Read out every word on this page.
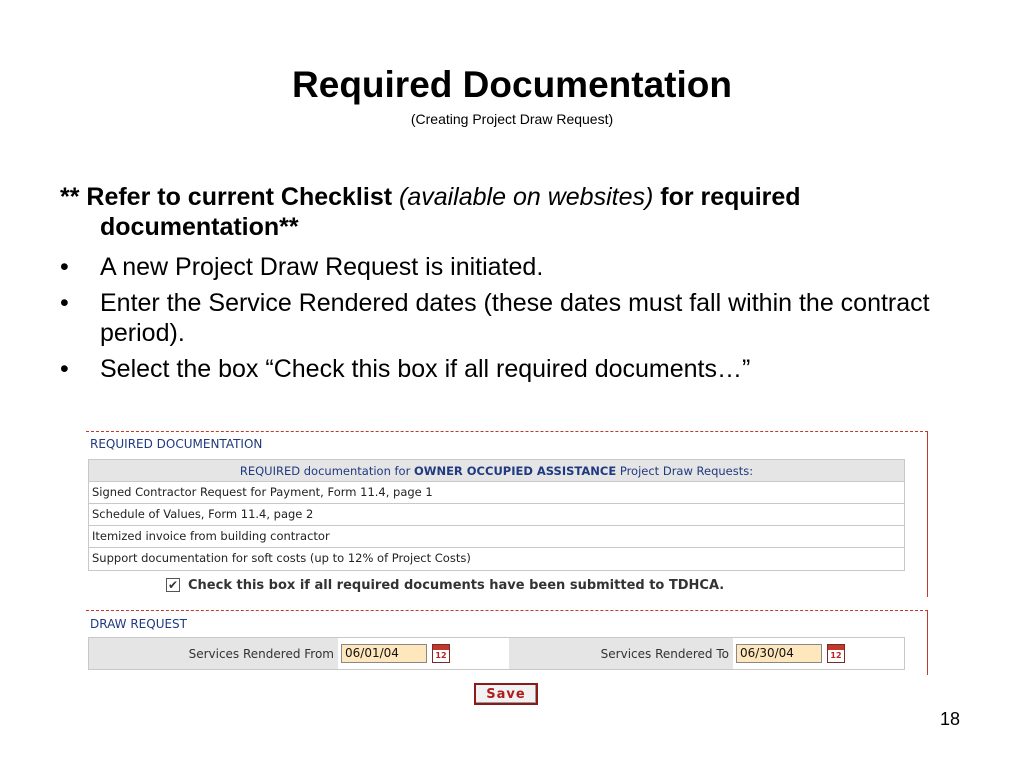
Required Documentation
(Creating Project Draw Request)
** Refer to current Checklist (available on websites) for required documentation**
•	A new Project Draw Request is initiated.
•	Enter the Service Rendered dates (these dates must fall within the contract period).
•	Select the box “Check this box if all required documents…”
REQUIRED DOCUMENTATION
REQUIRED documentation for OWNER OCCUPIED ASSISTANCE Project Draw Requests:
Signed Contractor Request for Payment, Form 11.4, page 1
Schedule of Values, Form 11.4, page 2
Itemized invoice from building contractor
Support documentation for soft costs (up to 12% of Project Costs)
✔ Check this box if all required documents have been submitted to TDHCA.
DRAW REQUEST
Services Rendered From 06/01/04	12	Services Rendered To 06/30/04	12
Save
18
